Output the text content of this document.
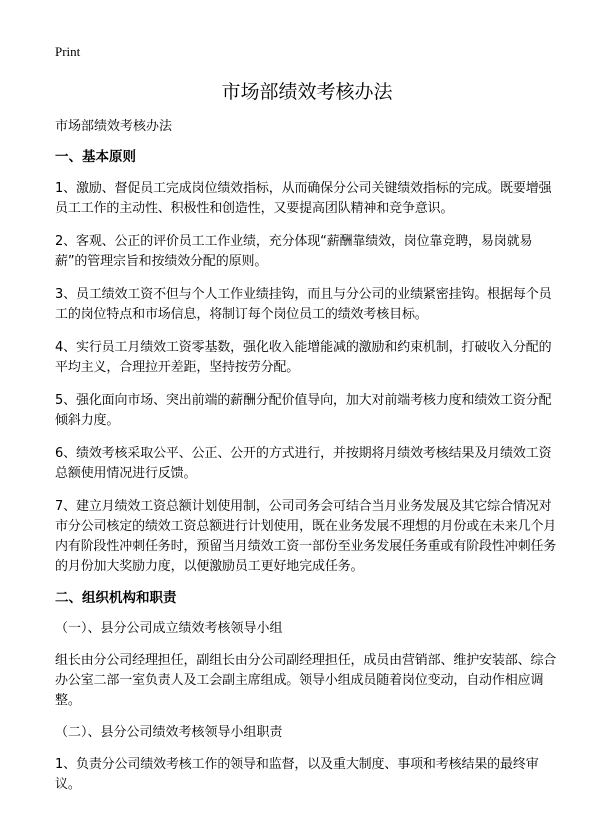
Print
市场部绩效考核办法

市场部绩效考核办法

一、基本原则

1、激励、督促员工完成岗位绩效指标，从而确保分公司关键绩效指标的完成。既要增强员工工作的主动性、积极性和创造性，又要提高团队精神和竞争意识。

2、客观、公正的评价员工工作业绩，充分体现“薪酬靠绩效，岗位靠竞聘，易岗就易薪”的管理宗旨和按绩效分配的原则。

3、员工绩效工资不但与个人工作业绩挂钩，而且与分公司的业绩紧密挂钩。根据每个员工的岗位特点和市场信息，将制订每个岗位员工的绩效考核目标。

4、实行员工月绩效工资零基数，强化收入能增能减的激励和约束机制，打破收入分配的平均主义，合理拉开差距，坚持按劳分配。

5、强化面向市场、突出前端的薪酬分配价值导向，加大对前端考核力度和绩效工资分配倾斜力度。

6、绩效考核采取公平、公正、公开的方式进行，并按期将月绩效考核结果及月绩效工资总额使用情况进行反馈。

7、建立月绩效工资总额计划使用制，公司司务会可结合当月业务发展及其它综合情况对市分公司核定的绩效工资总额进行计划使用，既在业务发展不理想的月份或在未来几个月内有阶段性冲刺任务时，预留当月绩效工资一部份至业务发展任务重或有阶段性冲刺任务的月份加大奖励力度，以便激励员工更好地完成任务。

二、组织机构和职责

（一）、县分公司成立绩效考核领导小组

组长由分公司经理担任，副组长由分公司副经理担任，成员由营销部、维护安装部、综合办公室二部一室负责人及工会副主席组成。领导小组成员随着岗位变动，自动作相应调整。

（二）、县分公司绩效考核领导小组职责

1、负责分公司绩效考核工作的领导和监督，以及重大制度、事项和考核结果的最终审议。
